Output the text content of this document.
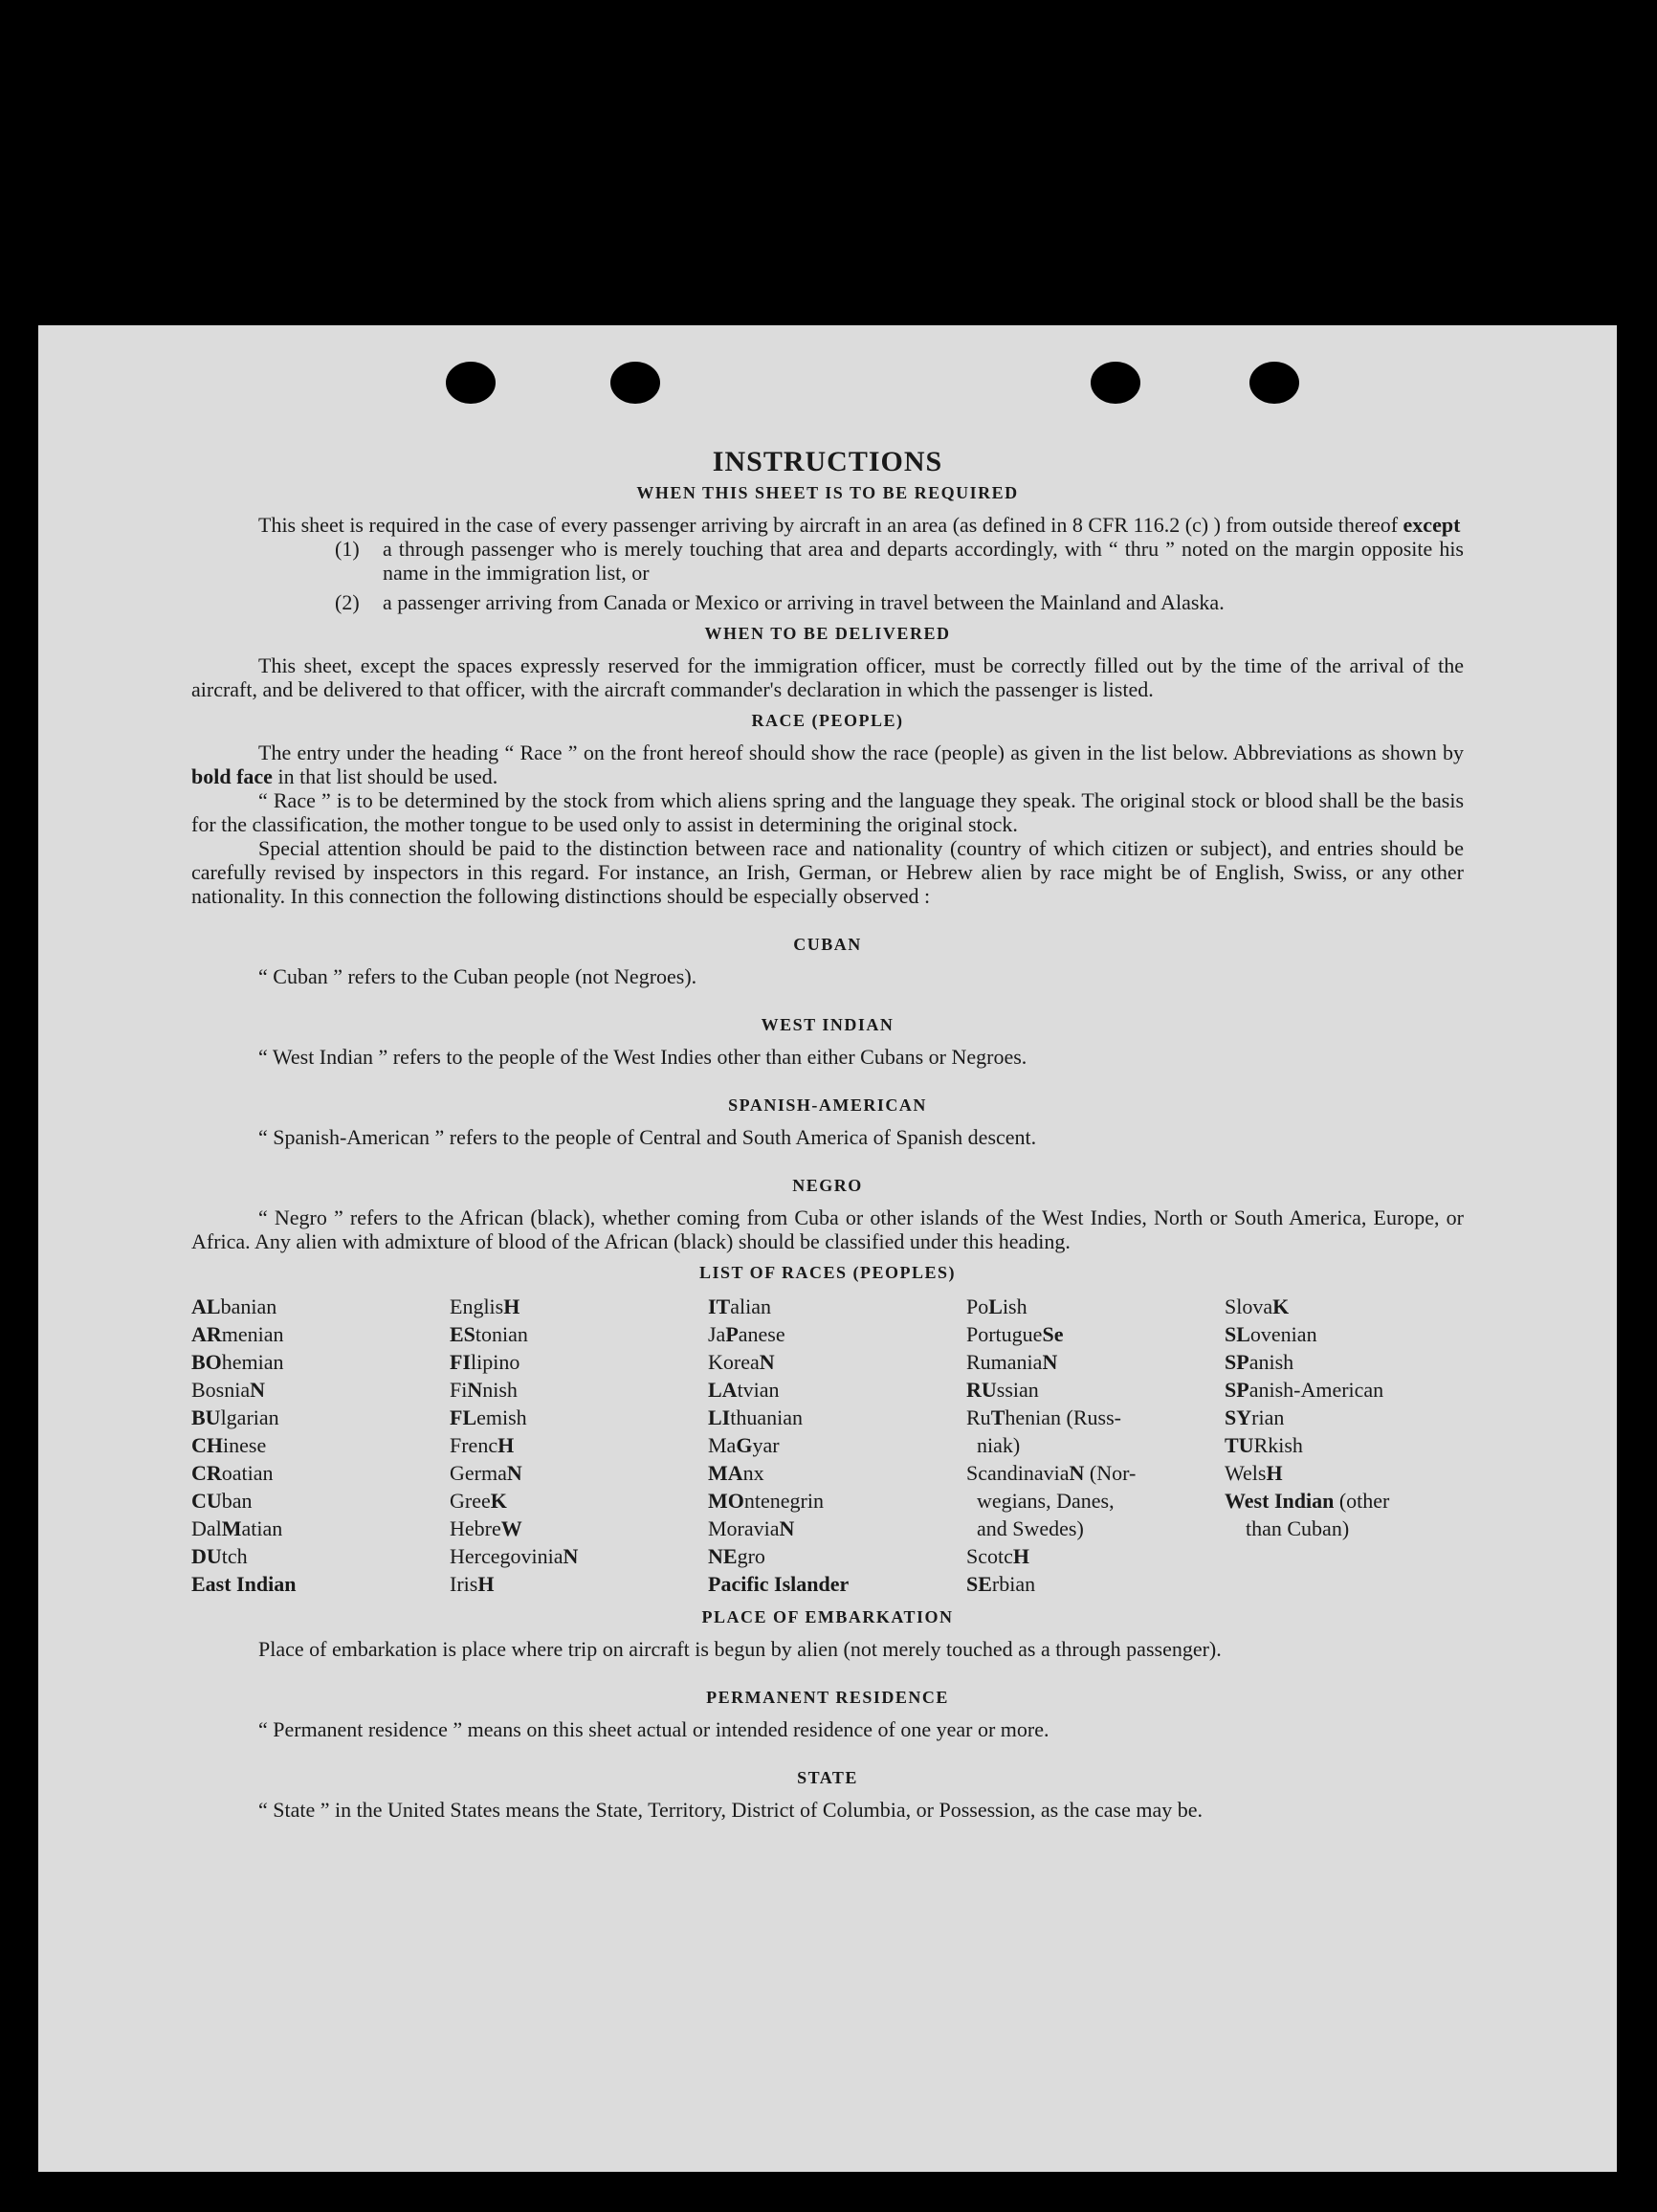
INSTRUCTIONS
WHEN THIS SHEET IS TO BE REQUIRED

This sheet is required in the case of every passenger arriving by aircraft in an area (as defined in 8 CFR 116.2 (c) ) from outside thereof except

(1)	a through passenger who is merely touching that area and departs accordingly, with “ thru ” noted on the margin opposite his name in the immigration list, or
(2)	a passenger arriving from Canada or Mexico or arriving in travel between the Mainland and Alaska.
WHEN TO BE DELIVERED

This sheet, except the spaces expressly reserved for the immigration officer, must be correctly filled out by the time of the arrival of the aircraft, and be delivered to that officer, with the aircraft commander's declaration in which the passenger is listed.

RACE (PEOPLE)

The entry under the heading “ Race ” on the front hereof should show the race (people) as given in the list below. Abbreviations as shown by bold face in that list should be used.

“ Race ” is to be determined by the stock from which aliens spring and the language they speak. The original stock or blood shall be the basis for the classification, the mother tongue to be used only to assist in determining the original stock.

Special attention should be paid to the distinction between race and nationality (country of which citizen or subject), and entries should be carefully revised by inspectors in this regard. For instance, an Irish, German, or Hebrew alien by race might be of English, Swiss, or any other nationality. In this connection the following distinctions should be especially observed :

CUBAN

“ Cuban ” refers to the Cuban people (not Negroes).

WEST INDIAN

“ West Indian ” refers to the people of the West Indies other than either Cubans or Negroes.

SPANISH-AMERICAN

“ Spanish-American ” refers to the people of Central and South America of Spanish descent.

NEGRO

“ Negro ” refers to the African (black), whether coming from Cuba or other islands of the West Indies, North or South America, Europe, or Africa. Any alien with admixture of blood of the African (black) should be classified under this heading.

LIST OF RACES (PEOPLES)
ALbanian
ARmenian
BOhemian
BosniaN
BUlgarian
CHinese
CRoatian
CUban
DalMatian
DUtch
East Indian
EnglisH
EStonian
FIlipino
FiNnish
FLemish
FrencH
GermaN
GreeK
HebreW
HercegoviniaN
IrisH
ITalian
JaPanese
KoreaN
LAtvian
LIthuanian
MaGyar
MAnx
MOntenegrin
MoraviaN
NEgro
Pacific Islander
PoLish
PortugueSe
RumaniaN
RUssian
RuThenian (Russ-
niak)
ScandinaviaN (Nor-
wegians, Danes,
and Swedes)
ScotcH
SErbian
SlovaK
SLovenian
SPanish
SPanish-American
SYrian
TURkish
WelsH
West Indian (other
than Cuban)
PLACE OF EMBARKATION

Place of embarkation is place where trip on aircraft is begun by alien (not merely touched as a through passenger).

PERMANENT RESIDENCE

“ Permanent residence ” means on this sheet actual or intended residence of one year or more.

STATE

“ State ” in the United States means the State, Territory, District of Columbia, or Possession, as the case may be.
